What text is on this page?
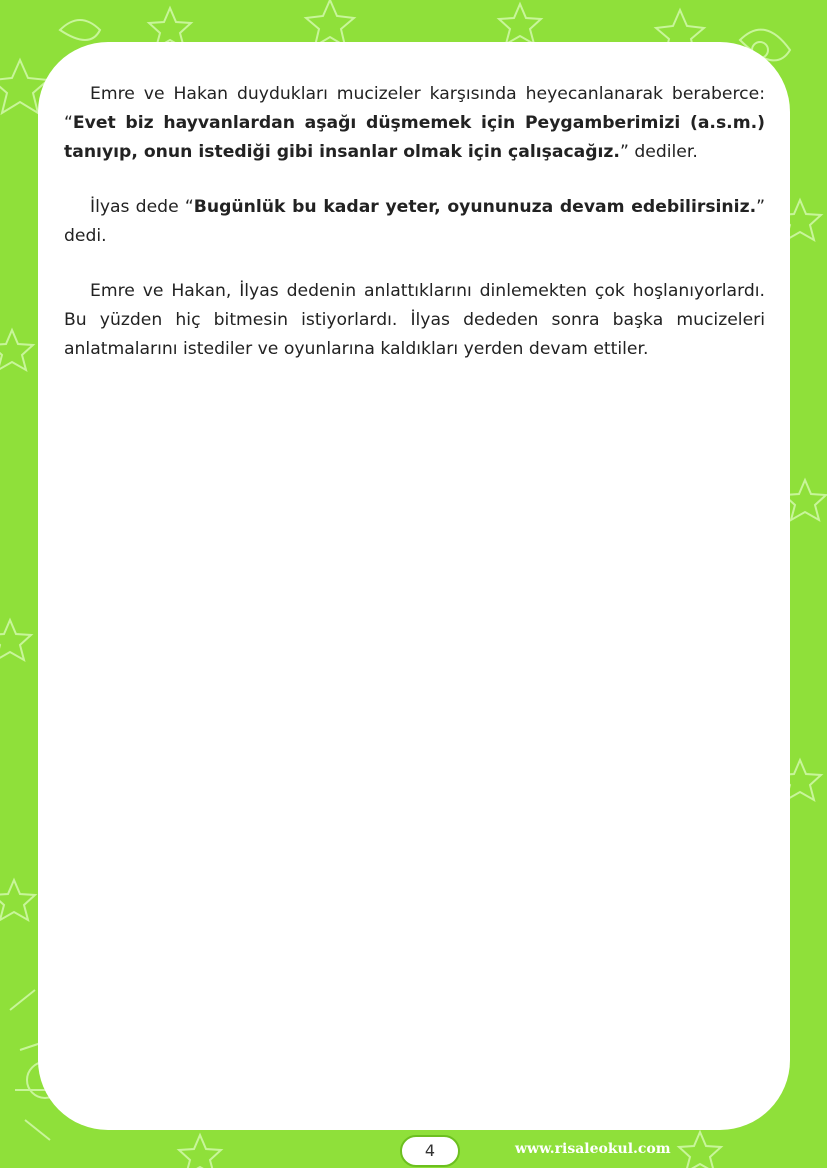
Emre ve Hakan duydukları mucizeler karşısında heyecanlanarak beraberce: “Evet biz hayvanlardan aşağı düşmemek için Peygamberimizi (a.s.m.) tanıyıp, onun istediği gibi insanlar olmak için çalışacağız.” dediler.

İlyas dede “Bugünlük bu kadar yeter, oyununuza devam edebilirsiniz.” dedi.

Emre ve Hakan, İlyas dedenin anlattıklarını dinlemekten çok hoşlanıyorlardı. Bu yüzden hiç bitmesin istiyorlardı. İlyas dededen sonra başka mucizeleri anlatmalarını istediler ve oyunlarına kaldıkları yerden devam ettiler.

4	www.risaleokul.com
